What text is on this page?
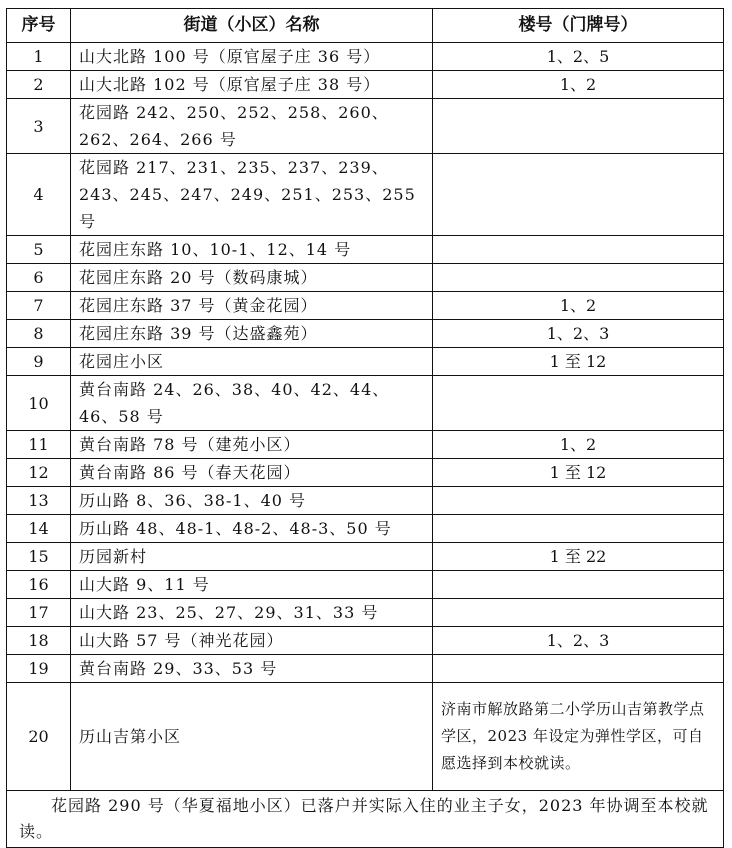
序号	街道（小区）名称	楼号（门牌号）
1	山大北路 100 号（原官屋子庄 36 号）	1、2、5
2	山大北路 102 号（原官屋子庄 38 号）	1、2
3	花园路 242、250、252、258、260、262、264、266 号	
4	花园路 217、231、235、237、239、243、245、247、249、251、253、255 号	
5	花园庄东路 10、10-1、12、14 号	
6	花园庄东路 20 号（数码康城）	
7	花园庄东路 37 号（黄金花园）	1、2
8	花园庄东路 39 号（达盛鑫苑）	1、2、3
9	花园庄小区	1 至 12
10	黄台南路 24、26、38、40、42、44、46、58 号	
11	黄台南路 78 号（建苑小区）	1、2
12	黄台南路 86 号（春天花园）	1 至 12
13	历山路 8、36、38-1、40 号	
14	历山路 48、48-1、48-2、48-3、50 号	
15	历园新村	1 至 22
16	山大路 9、11 号	
17	山大路 23、25、27、29、31、33 号	
18	山大路 57 号（神光花园）	1、2、3
19	黄台南路 29、33、53 号	
20	历山吉第小区	济南市解放路第二小学历山吉第教学点学区，2023 年设定为弹性学区，可自愿选择到本校就读。
花园路 290 号（华夏福地小区）已落户并实际入住的业主子女，2023 年协调至本校就读。		
